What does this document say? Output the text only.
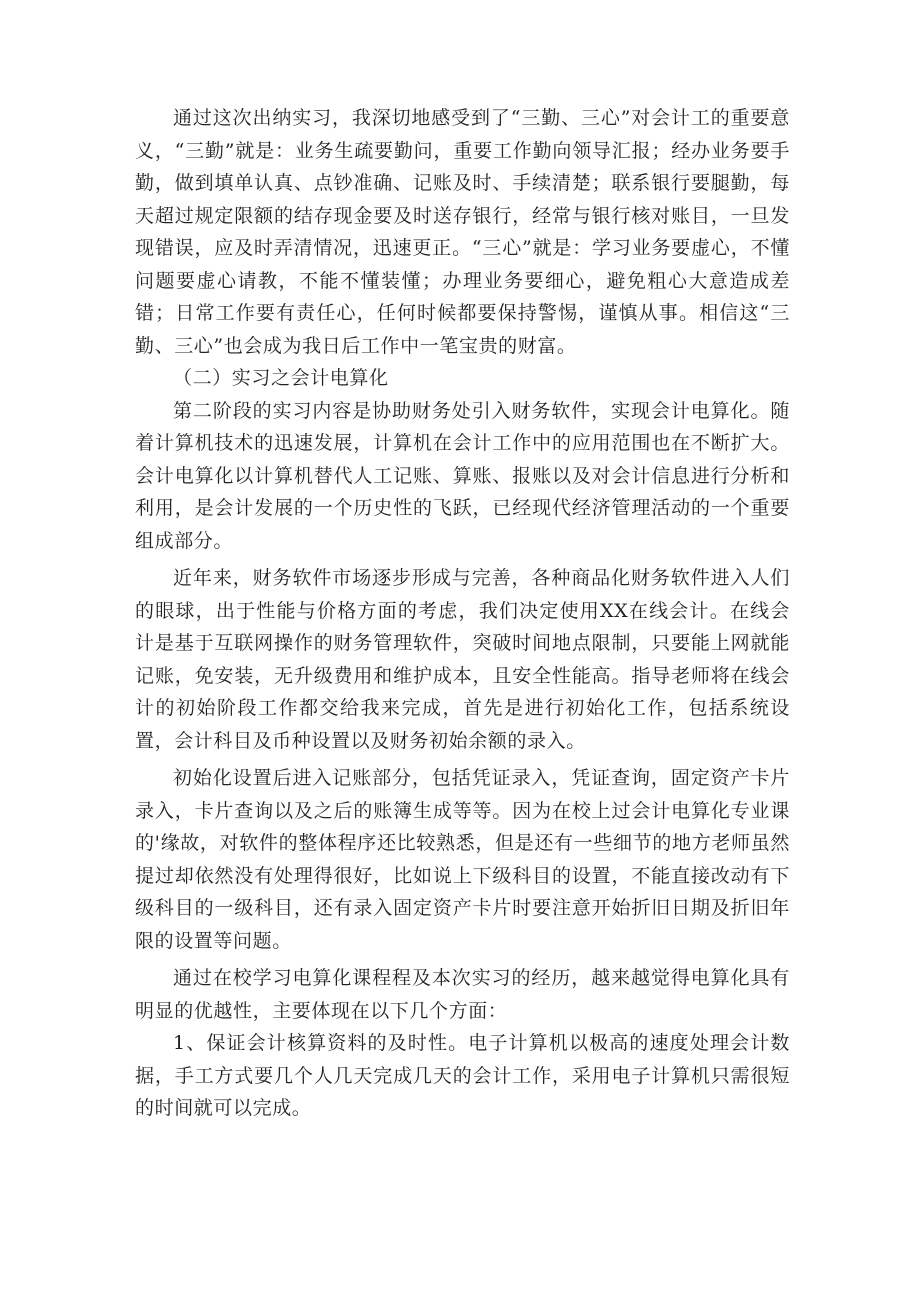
通过这次出纳实习，我深切地感受到了“三勤、三心”对会计工的重要意义，“三勤”就是：业务生疏要勤问，重要工作勤向领导汇报；经办业务要手勤，做到填单认真、点钞准确、记账及时、手续清楚；联系银行要腿勤，每天超过规定限额的结存现金要及时送存银行，经常与银行核对账目，一旦发现错误，应及时弄清情况，迅速更正。“三心”就是：学习业务要虚心，不懂问题要虚心请教，不能不懂装懂；办理业务要细心，避免粗心大意造成差错；日常工作要有责任心，任何时候都要保持警惕，谨慎从事。相信这“三勤、三心”也会成为我日后工作中一笔宝贵的财富。

（二）实习之会计电算化

第二阶段的实习内容是协助财务处引入财务软件，实现会计电算化。随着计算机技术的迅速发展，计算机在会计工作中的应用范围也在不断扩大。会计电算化以计算机替代人工记账、算账、报账以及对会计信息进行分析和利用，是会计发展的一个历史性的飞跃，已经现代经济管理活动的一个重要组成部分。

近年来，财务软件市场逐步形成与完善，各种商品化财务软件进入人们的眼球，出于性能与价格方面的考虑，我们决定使用XX在线会计。在线会计是基于互联网操作的财务管理软件，突破时间地点限制，只要能上网就能记账，免安装，无升级费用和维护成本，且安全性能高。指导老师将在线会计的初始阶段工作都交给我来完成，首先是进行初始化工作，包括系统设置，会计科目及币种设置以及财务初始余额的录入。

初始化设置后进入记账部分，包括凭证录入，凭证查询，固定资产卡片录入，卡片查询以及之后的账簿生成等等。因为在校上过会计电算化专业课的'缘故，对软件的整体程序还比较熟悉，但是还有一些细节的地方老师虽然提过却依然没有处理得很好，比如说上下级科目的设置，不能直接改动有下级科目的一级科目，还有录入固定资产卡片时要注意开始折旧日期及折旧年限的设置等问题。

通过在校学习电算化课程程及本次实习的经历，越来越觉得电算化具有明显的优越性，主要体现在以下几个方面：

1、保证会计核算资料的及时性。电子计算机以极高的速度处理会计数据，手工方式要几个人几天完成几天的会计工作，采用电子计算机只需很短的时间就可以完成。
